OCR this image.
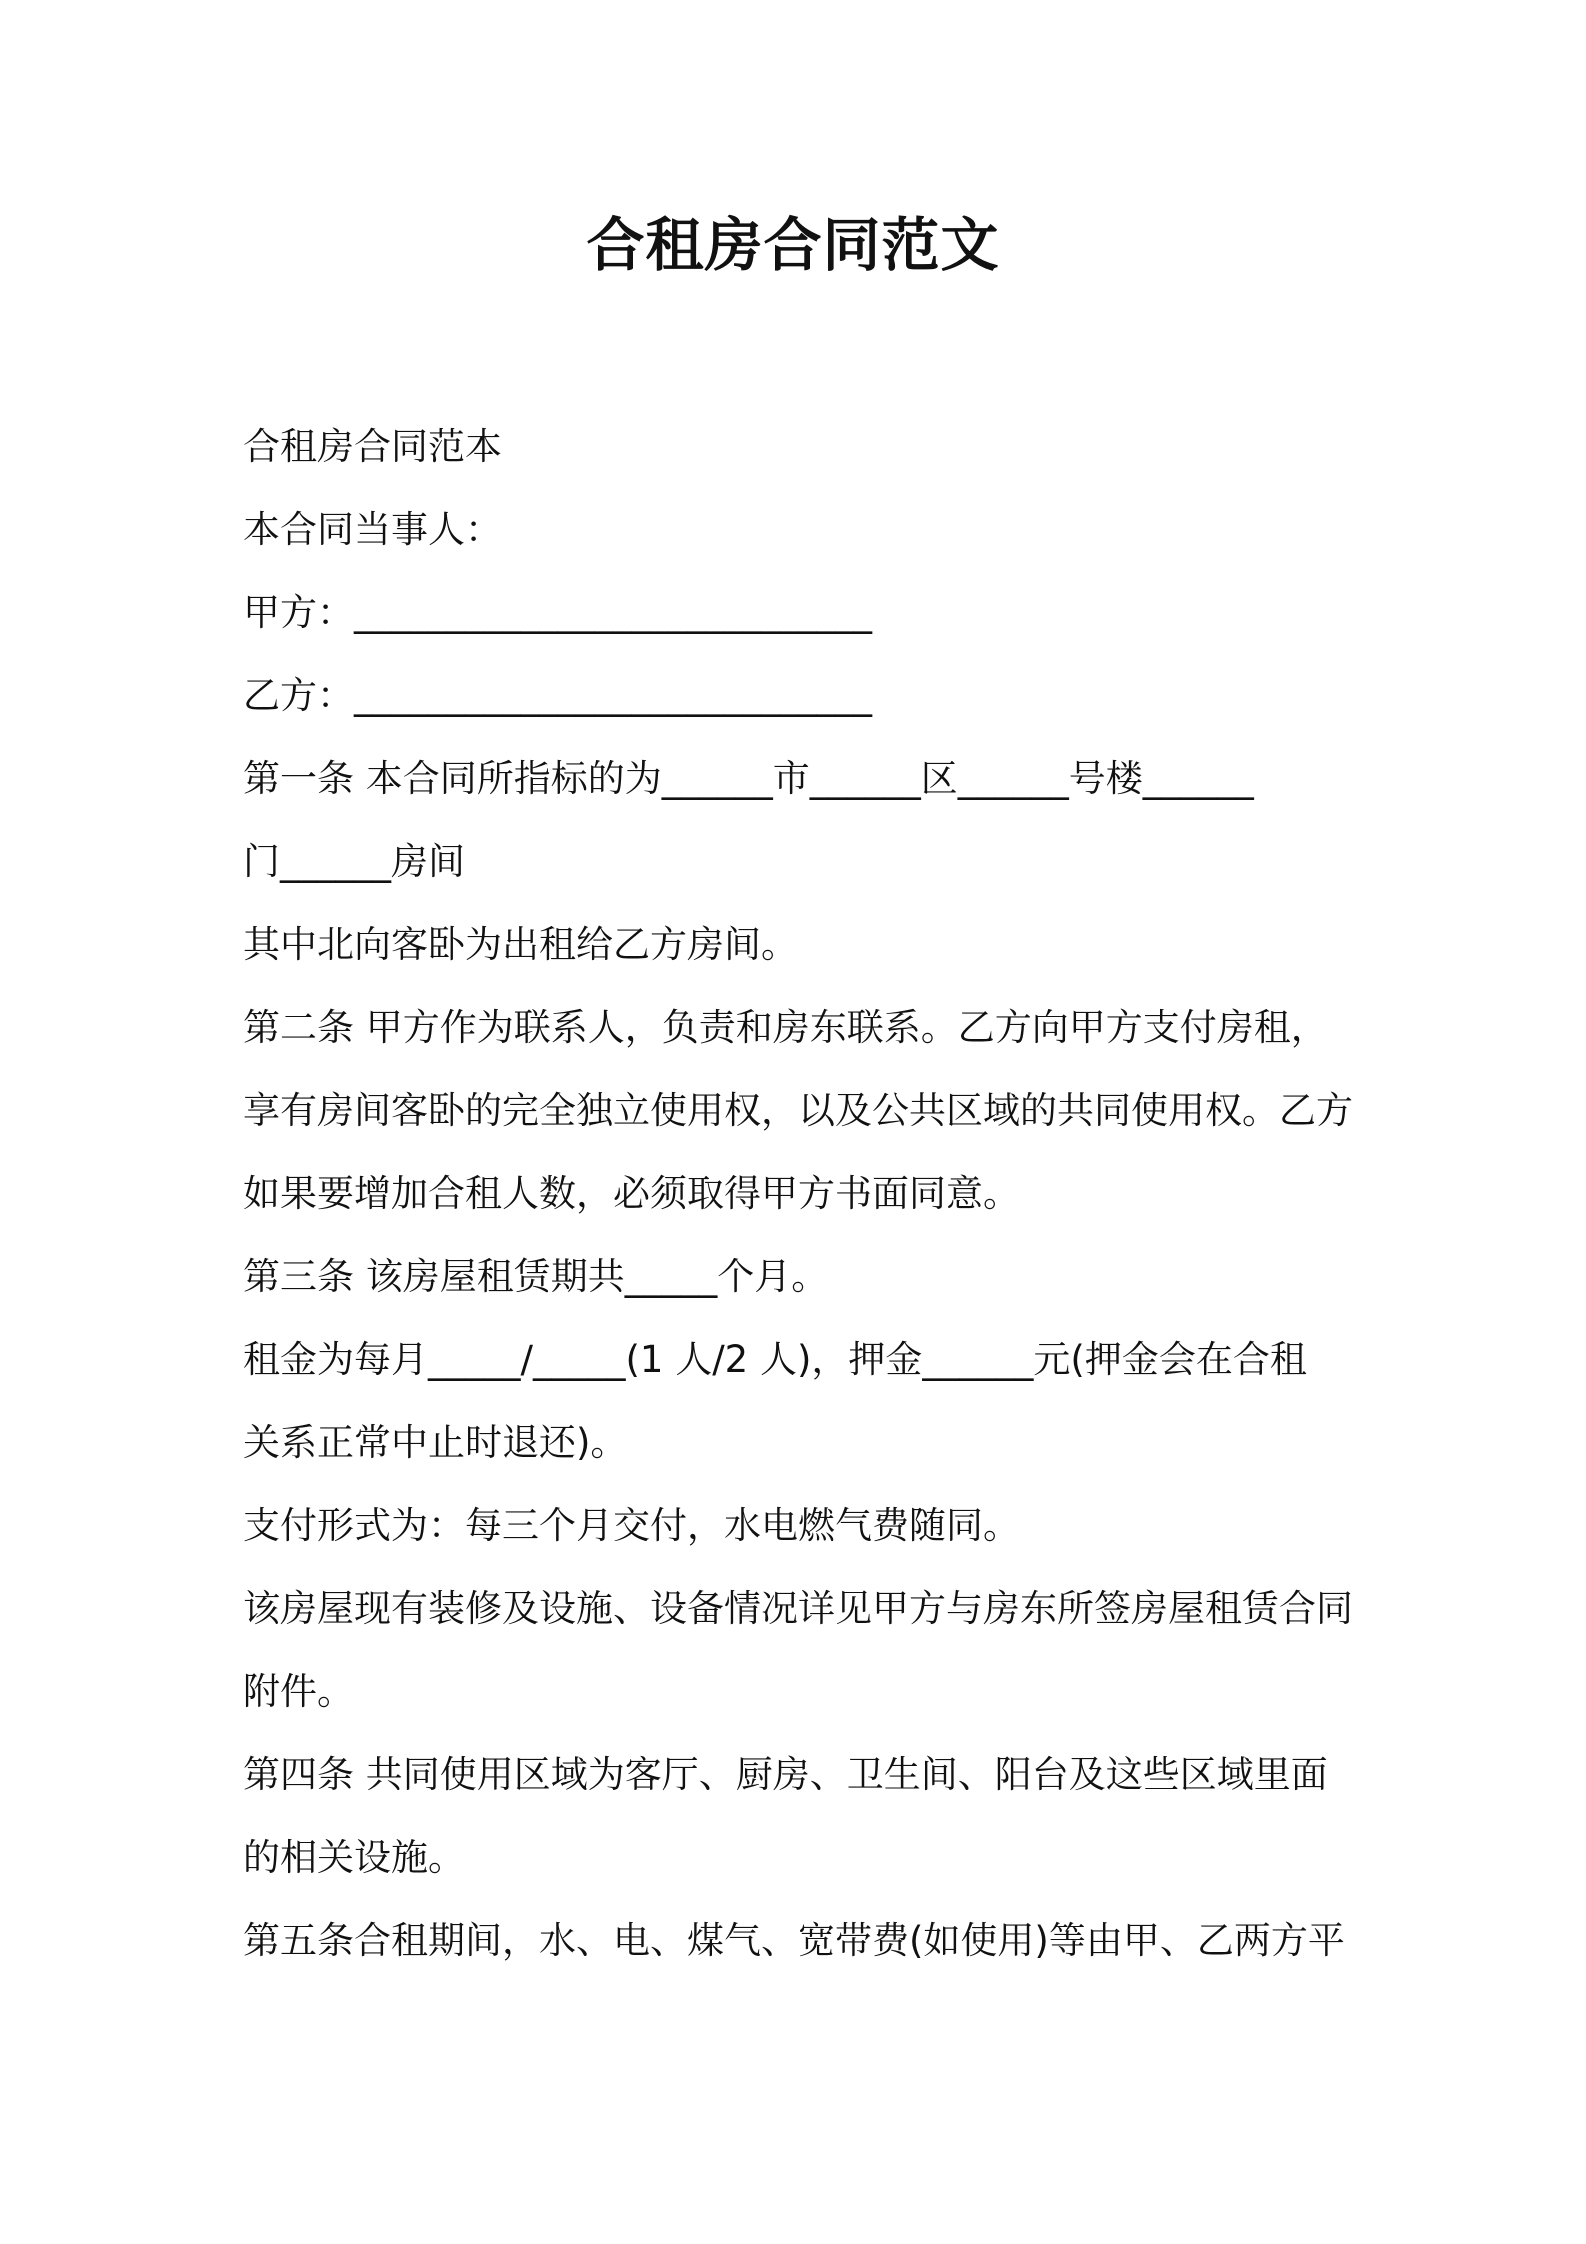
合租房合同范文
合租房合同范本
本合同当事人：
甲方：____________________________
乙方：____________________________
第一条 本合同所指标的为______市______区______号楼______
门______房间
其中北向客卧为出租给乙方房间。
第二条 甲方作为联系人，负责和房东联系。乙方向甲方支付房租，
享有房间客卧的完全独立使用权，以及公共区域的共同使用权。乙方
如果要增加合租人数，必须取得甲方书面同意。
第三条 该房屋租赁期共_____个月。
租金为每月_____/_____(1 人/2 人)，押金______元(押金会在合租
关系正常中止时退还)。
支付形式为：每三个月交付，水电燃气费随同。
该房屋现有装修及设施、设备情况详见甲方与房东所签房屋租赁合同
附件。
第四条 共同使用区域为客厅、厨房、卫生间、阳台及这些区域里面
的相关设施。
第五条合租期间，水、电、煤气、宽带费(如使用)等由甲、乙两方平
